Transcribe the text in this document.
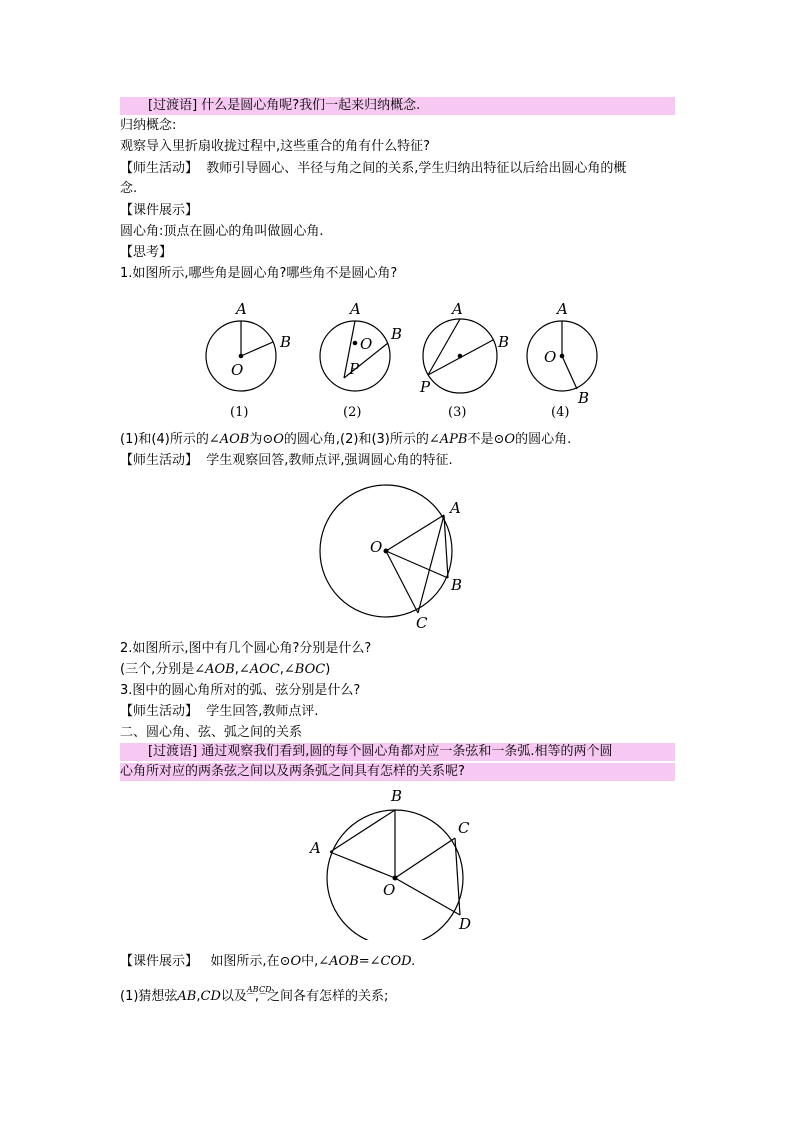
[过渡语] 什么是圆心角呢?我们一起来归纳概念.
归纳概念:
观察导入里折扇收拢过程中,这些重合的角有什么特征?
【师生活动】 教师引导圆心、半径与角之间的关系,学生归纳出特征以后给出圆心角的概
念.
【课件展示】
圆心角:顶点在圆心的角叫做圆心角.
【思考】
1.如图所示,哪些角是圆心角?哪些角不是圆心角?
A
B
O
A
B
O
P
A
B
P
A
O
B
(1)	(2)	(3)	(4)
(1)和(4)所示的∠AOB为⊙O的圆心角,(2)和(3)所示的∠APB不是⊙O的圆心角.
【师生活动】 学生观察回答,教师点评,强调圆心角的特征.
A
O
B
C
2.如图所示,图中有几个圆心角?分别是什么?
(三个,分别是∠AOB,∠AOC,∠BOC)
3.图中的圆心角所对的弧、弦分别是什么?
【师生活动】 学生回答,教师点评.
二、圆心角、弦、弧之间的关系
[过渡语] 通过观察我们看到,圆的每个圆心角都对应一条弦和一条弧.相等的两个圆
心角所对应的两条弦之间以及两条弧之间具有怎样的关系呢?
B
C
A
O
D
【课件展示】 如图所示,在⊙O中,∠AOB=∠COD.
(1)猜想弦AB,CD以及 AB
⌒, CD
⌒之间各有怎样的关系;
